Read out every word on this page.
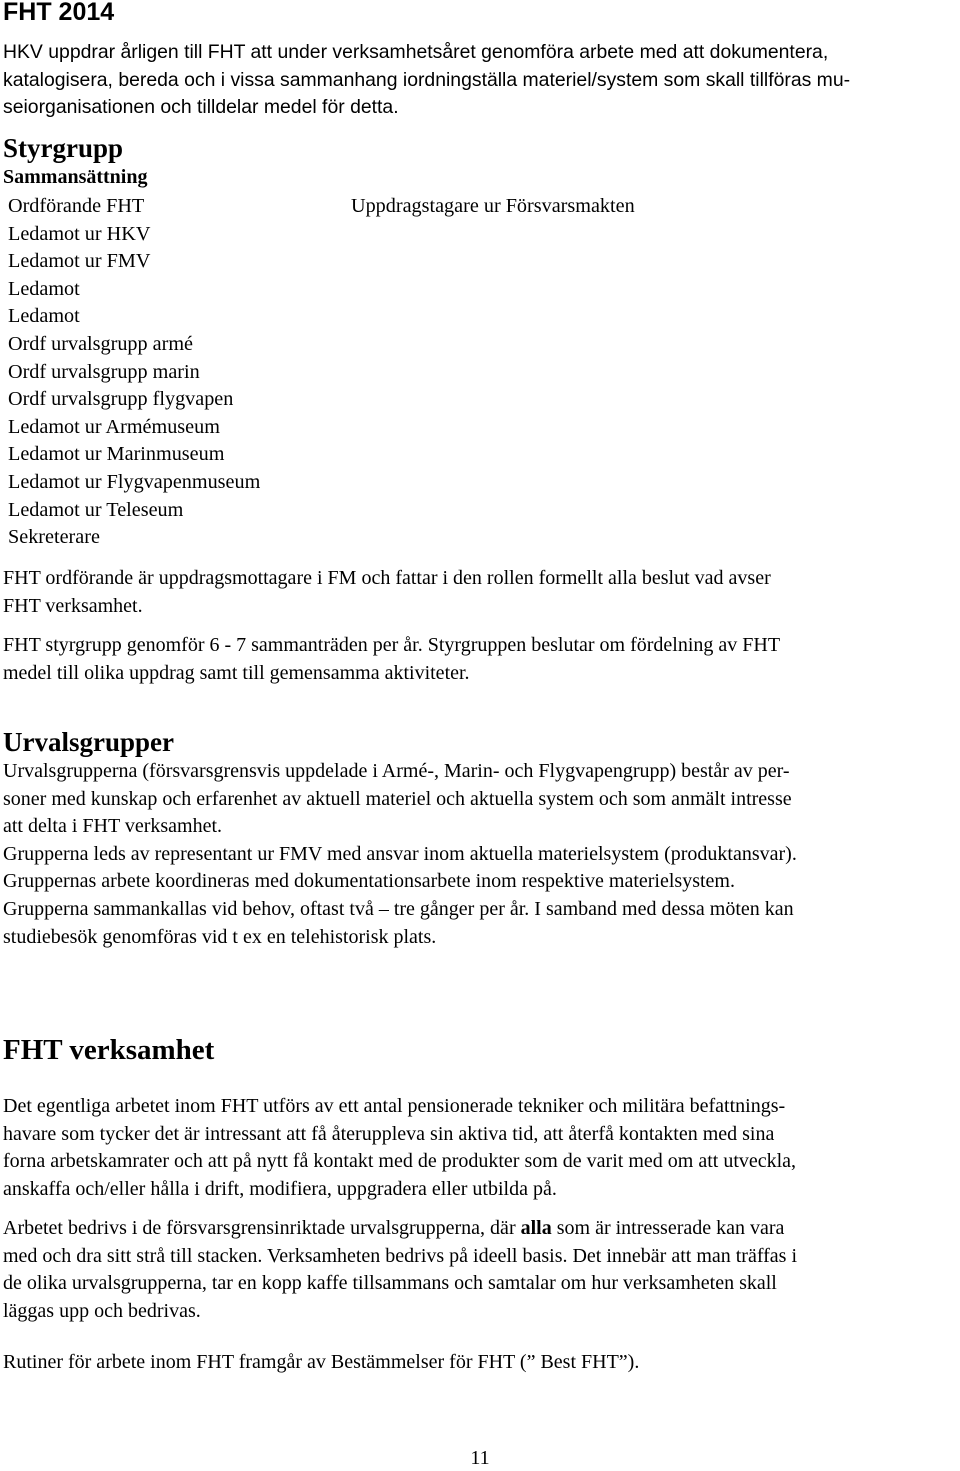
FHT 2014
HKV uppdrar årligen till FHT att under verksamhetsåret genomföra arbete med att dokumentera,
katalogisera, bereda och i vissa sammanhang iordningställa materiel/system som skall tillföras mu-
seiorganisationen och tilldelar medel för detta.
Styrgrupp
Sammansättning
Ordförande FHT
Ledamot ur HKV
Ledamot ur FMV
Ledamot
Ledamot
Ordf urvalsgrupp armé
Ordf urvalsgrupp marin
Ordf urvalsgrupp flygvapen
Ledamot ur Armémuseum
Ledamot ur Marinmuseum
Ledamot ur Flygvapenmuseum
Ledamot ur Teleseum
Sekreterare
Uppdragstagare ur Försvarsmakten
FHT ordförande är uppdragsmottagare i FM och fattar i den rollen formellt alla beslut vad avser
FHT verksamhet.
FHT styrgrupp genomför 6 - 7 sammanträden per år. Styrgruppen beslutar om fördelning av FHT
medel till olika uppdrag samt till gemensamma aktiviteter.
Urvalsgrupper
Urvalsgrupperna (försvarsgrensvis uppdelade i Armé-, Marin- och Flygvapengrupp) består av per-
soner med kunskap och erfarenhet av aktuell materiel och aktuella system och som anmält intresse
att delta i FHT verksamhet.
Grupperna leds av representant ur FMV med ansvar inom aktuella materielsystem (produktansvar).
Gruppernas arbete koordineras med dokumentationsarbete inom respektive materielsystem.
Grupperna sammankallas vid behov, oftast två – tre gånger per år. I samband med dessa möten kan
studiebesök genomföras vid t ex en telehistorisk plats.
FHT verksamhet
Det egentliga arbetet inom FHT utförs av ett antal pensionerade tekniker och militära befattnings-
havare som tycker det är intressant att få återuppleva sin aktiva tid, att återfå kontakten med sina
forna arbetskamrater och att på nytt få kontakt med de produkter som de varit med om att utveckla,
anskaffa och/eller hålla i drift, modifiera, uppgradera eller utbilda på.
Arbetet bedrivs i de försvarsgrensinriktade urvalsgrupperna, där alla som är intresserade kan vara
med och dra sitt strå till stacken. Verksamheten bedrivs på ideell basis. Det innebär att man träffas i
de olika urvalsgrupperna, tar en kopp kaffe tillsammans och samtalar om hur verksamheten skall
läggas upp och bedrivas.
Rutiner för arbete inom FHT framgår av Bestämmelser för FHT (” Best FHT”).
11
